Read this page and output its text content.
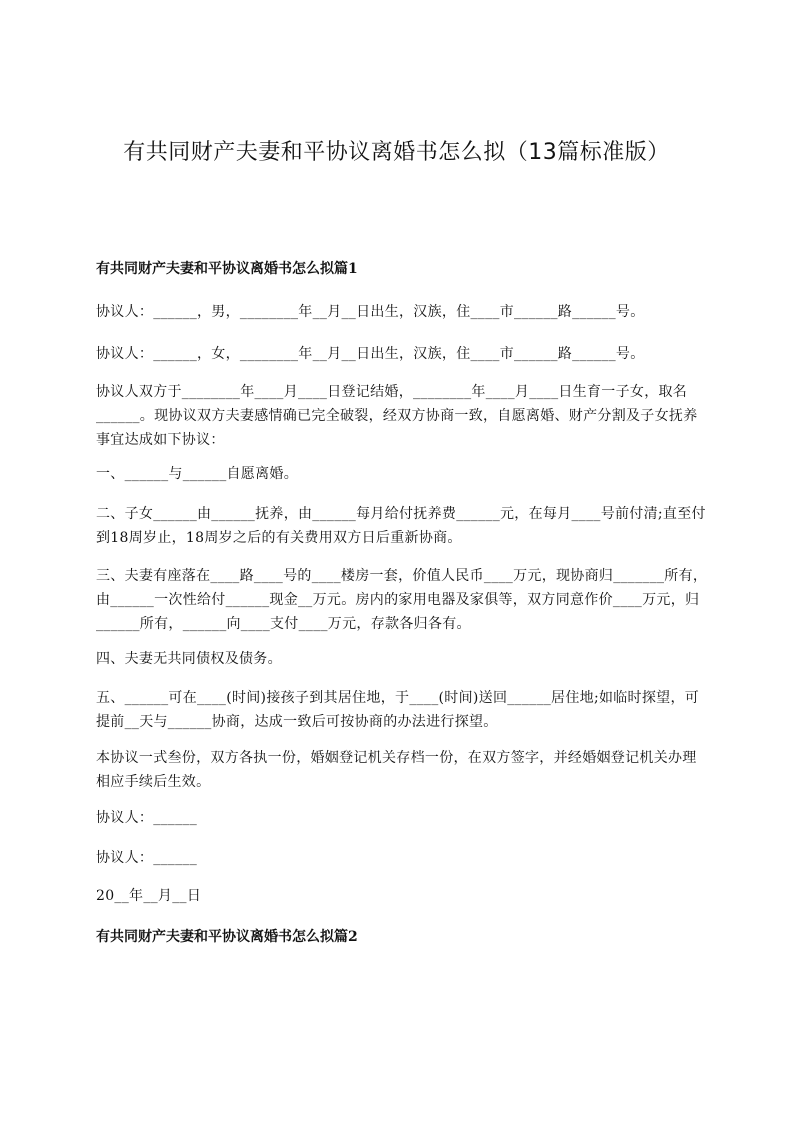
有共同财产夫妻和平协议离婚书怎么拟（13篇标准版）
有共同财产夫妻和平协议离婚书怎么拟篇1

协议人：______，男，________年__月__日出生，汉族，住____市______路______号。

协议人：______，女，________年__月__日出生，汉族，住____市______路______号。

协议人双方于________年____月____日登记结婚，________年____月____日生育一子女，取名______。现协议双方夫妻感情确已完全破裂，经双方协商一致，自愿离婚、财产分割及子女抚养事宜达成如下协议：

一、______与______自愿离婚。

二、子女______由______抚养，由______每月给付抚养费______元，在每月____号前付清;直至付到18周岁止，18周岁之后的有关费用双方日后重新协商。

三、夫妻有座落在____路____号的____楼房一套，价值人民币____万元，现协商归_______所有，由______一次性给付______现金__万元。房内的家用电器及家俱等，双方同意作价____万元，归______所有，______向____支付____万元，存款各归各有。

四、夫妻无共同债权及债务。

五、______可在____(时间)接孩子到其居住地，于____(时间)送回______居住地;如临时探望，可提前__天与______协商，达成一致后可按协商的办法进行探望。

本协议一式叁份，双方各执一份，婚姻登记机关存档一份，在双方签字，并经婚姻登记机关办理相应手续后生效。

协议人：______

协议人：______

20__年__月__日

有共同财产夫妻和平协议离婚书怎么拟篇2
